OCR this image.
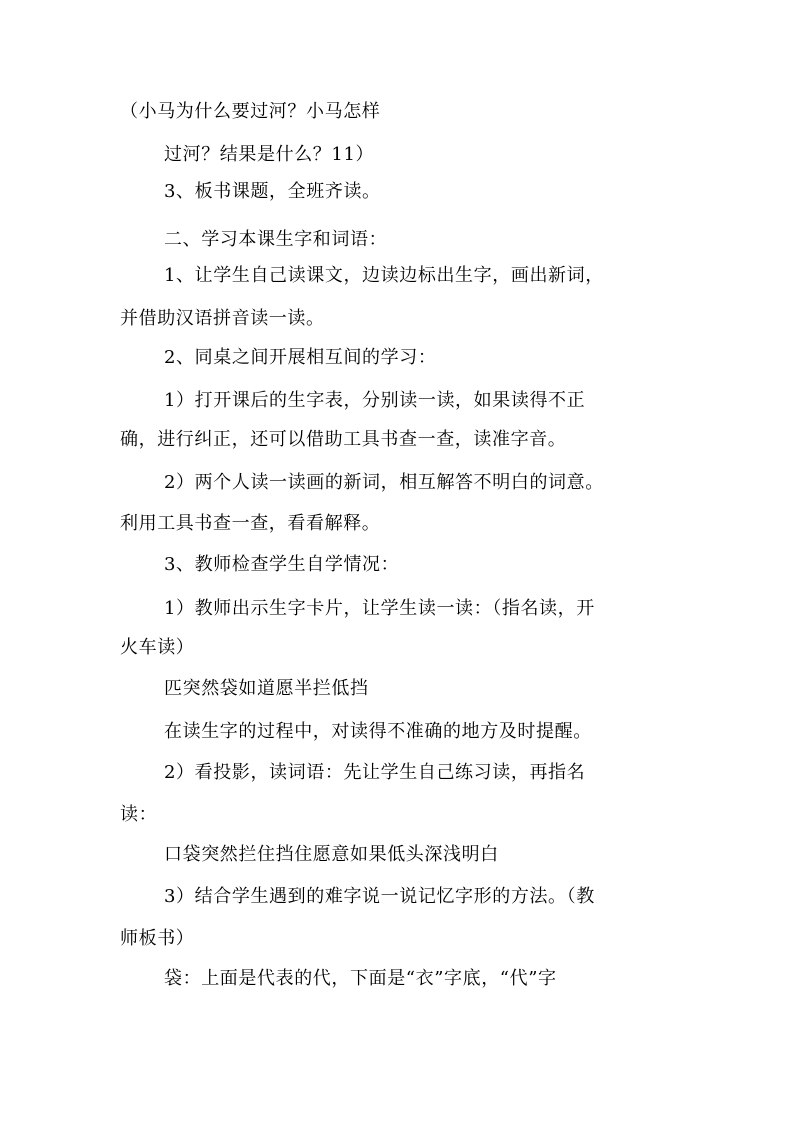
（小马为什么要过河？小马怎样
过河？结果是什么？11）
3、板书课题，全班齐读。
二、学习本课生字和词语：
1、让学生自己读课文，边读边标出生字，画出新词，
并借助汉语拼音读一读。
2、同桌之间开展相互间的学习：
1）打开课后的生字表，分别读一读，如果读得不正
确，进行纠正，还可以借助工具书查一查，读准字音。
2）两个人读一读画的新词，相互解答不明白的词意。
利用工具书查一查，看看解释。
3、教师检查学生自学情况：
1）教师出示生字卡片，让学生读一读：（指名读，开
火车读）
匹突然袋如道愿半拦低挡
在读生字的过程中，对读得不准确的地方及时提醒。
2）看投影，读词语：先让学生自己练习读，再指名
读：
口袋突然拦住挡住愿意如果低头深浅明白
3）结合学生遇到的难字说一说记忆字形的方法。（教
师板书）
袋：上面是代表的代，下面是“衣”字底，“代”字
